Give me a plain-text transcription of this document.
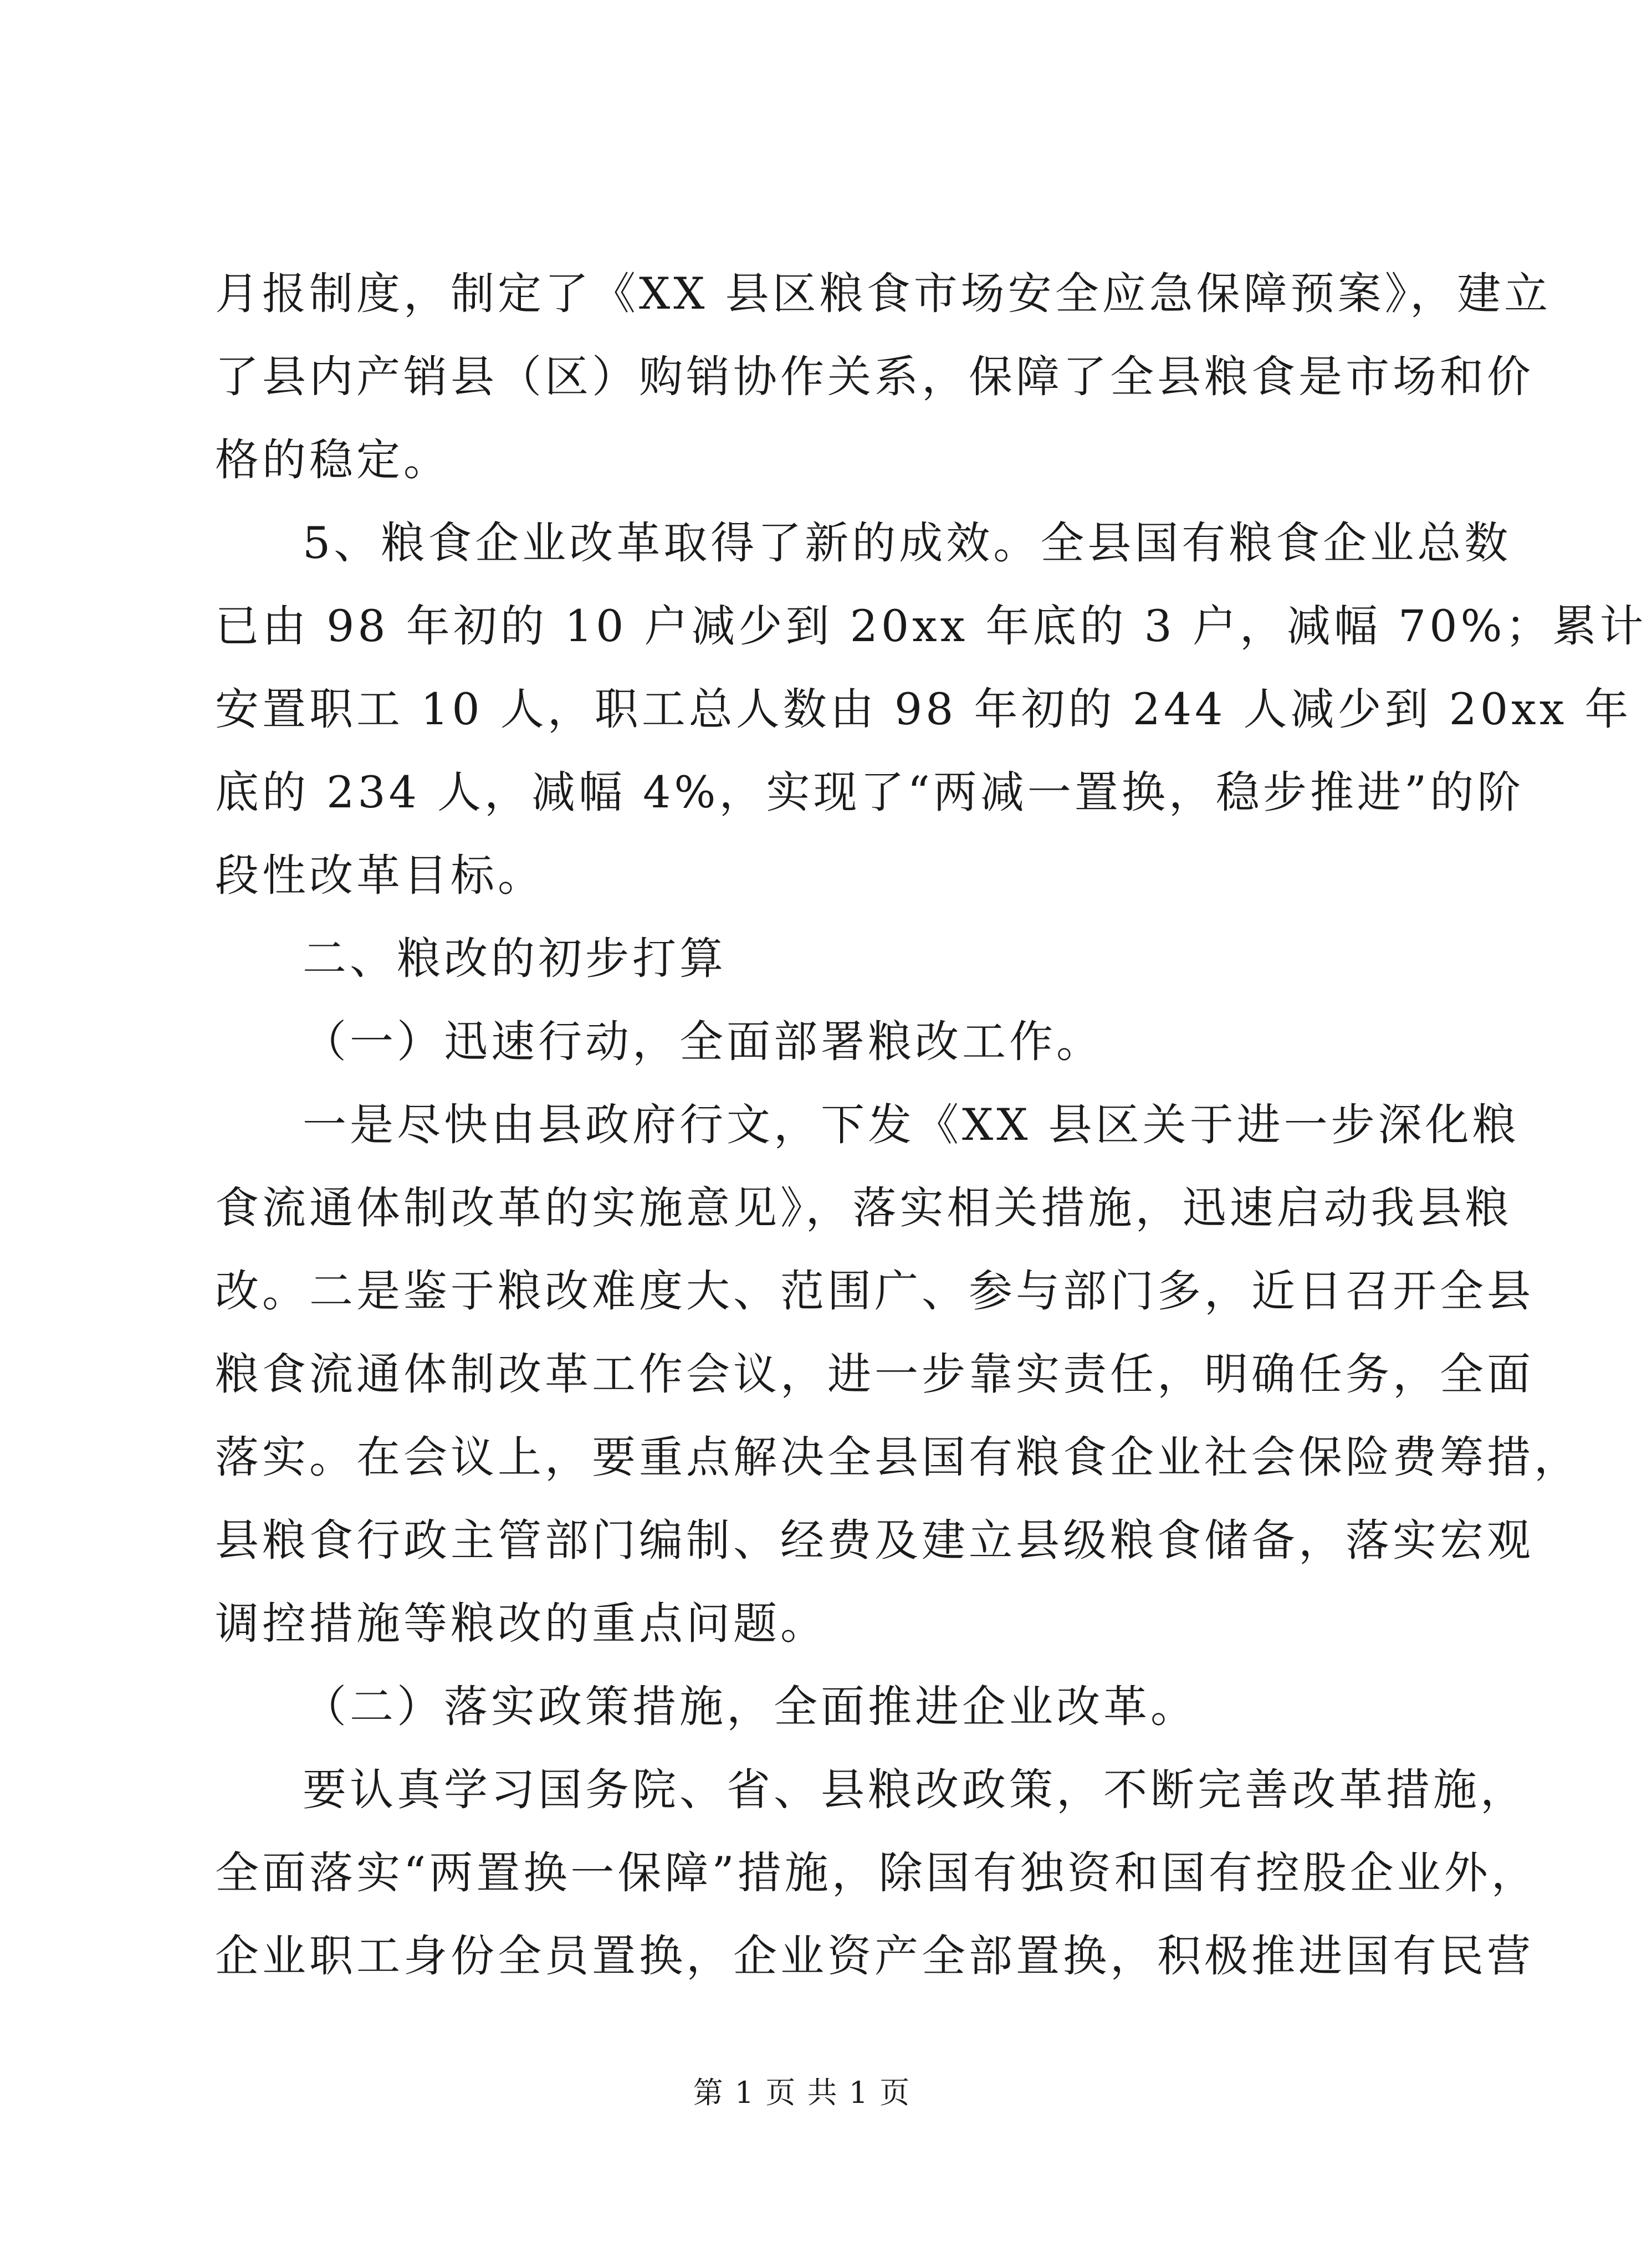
月报制度，制定了《XX 县区粮食市场安全应急保障预案》，建立
了县内产销县（区）购销协作关系，保障了全县粮食是市场和价
格的稳定。
5、粮食企业改革取得了新的成效。全县国有粮食企业总数
已由 98 年初的 10 户减少到 20xx 年底的 3 户，减幅 70%；累计
安置职工 10 人，职工总人数由 98 年初的 244 人减少到 20xx 年
底的 234 人，减幅 4%，实现了“两减一置换，稳步推进”的阶
段性改革目标。
二、粮改的初步打算
（一）迅速行动，全面部署粮改工作。
一是尽快由县政府行文，下发《XX 县区关于进一步深化粮
食流通体制改革的实施意见》，落实相关措施，迅速启动我县粮
改。二是鉴于粮改难度大、范围广、参与部门多，近日召开全县
粮食流通体制改革工作会议，进一步靠实责任，明确任务，全面
落实。在会议上，要重点解决全县国有粮食企业社会保险费筹措，
县粮食行政主管部门编制、经费及建立县级粮食储备，落实宏观
调控措施等粮改的重点问题。
（二）落实政策措施，全面推进企业改革。
要认真学习国务院、省、县粮改政策，不断完善改革措施，
全面落实“两置换一保障”措施，除国有独资和国有控股企业外，
企业职工身份全员置换，企业资产全部置换，积极推进国有民营
第 1 页 共 1 页
